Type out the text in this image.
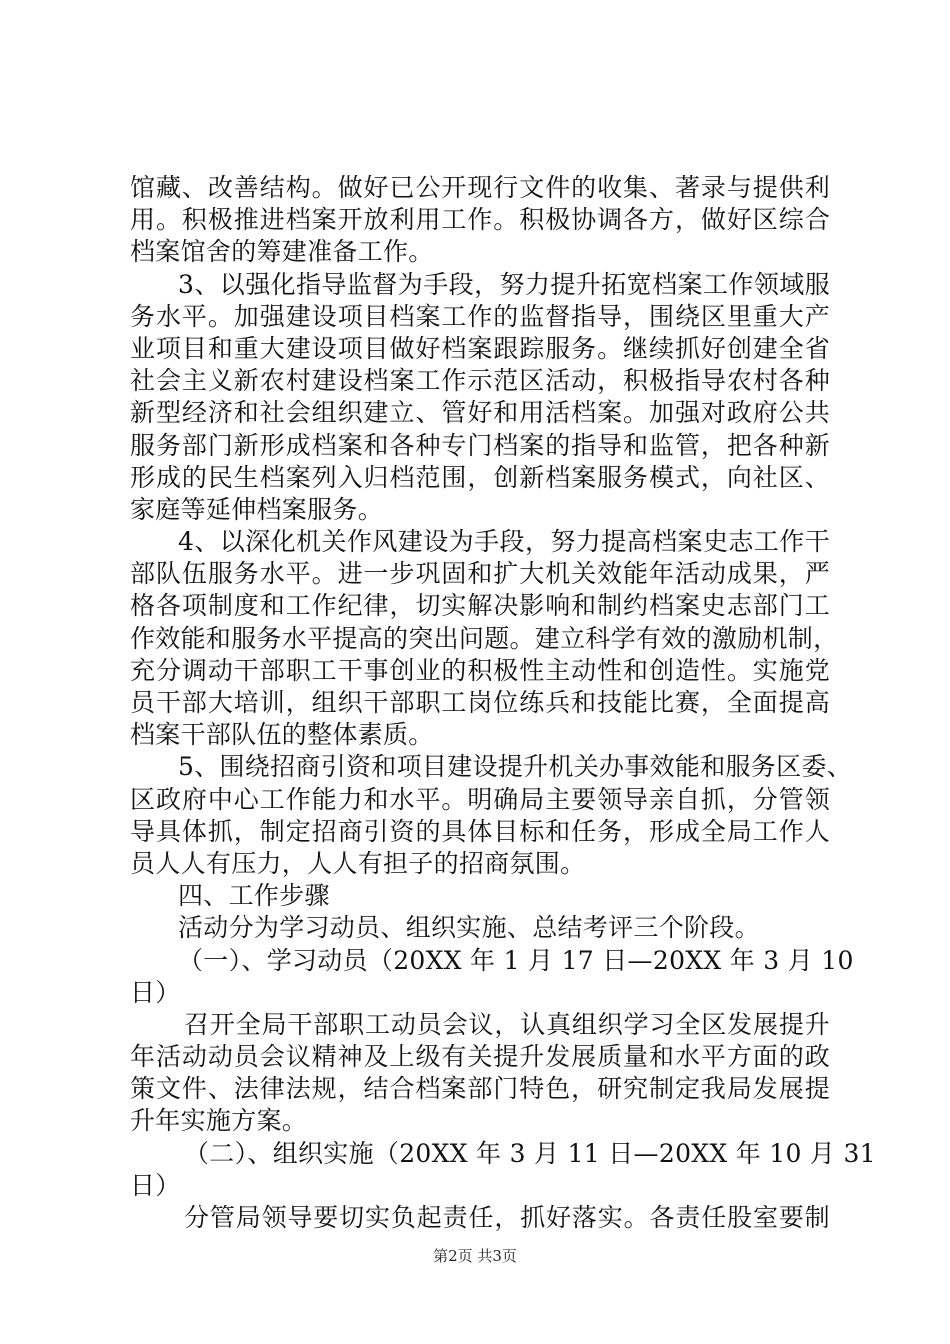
馆藏、改善结构。做好已公开现行文件的收集、著录与提供利
用。积极推进档案开放利用工作。积极协调各方，做好区综合
档案馆舍的筹建准备工作。
3、以强化指导监督为手段，努力提升拓宽档案工作领域服
务水平。加强建设项目档案工作的监督指导，围绕区里重大产
业项目和重大建设项目做好档案跟踪服务。继续抓好创建全省
社会主义新农村建设档案工作示范区活动，积极指导农村各种
新型经济和社会组织建立、管好和用活档案。加强对政府公共
服务部门新形成档案和各种专门档案的指导和监管，把各种新
形成的民生档案列入归档范围，创新档案服务模式，向社区、
家庭等延伸档案服务。
4、以深化机关作风建设为手段，努力提高档案史志工作干
部队伍服务水平。进一步巩固和扩大机关效能年活动成果，严
格各项制度和工作纪律，切实解决影响和制约档案史志部门工
作效能和服务水平提高的突出问题。建立科学有效的激励机制，
充分调动干部职工干事创业的积极性主动性和创造性。实施党
员干部大培训，组织干部职工岗位练兵和技能比赛，全面提高
档案干部队伍的整体素质。
5、围绕招商引资和项目建设提升机关办事效能和服务区委、
区政府中心工作能力和水平。明确局主要领导亲自抓，分管领
导具体抓，制定招商引资的具体目标和任务，形成全局工作人
员人人有压力，人人有担子的招商氛围。
四、工作步骤
活动分为学习动员、组织实施、总结考评三个阶段。
（一）、学习动员（20XX 年 1 月 17 日—20XX 年 3 月 10
日）
召开全局干部职工动员会议，认真组织学习全区发展提升
年活动动员会议精神及上级有关提升发展质量和水平方面的政
策文件、法律法规，结合档案部门特色，研究制定我局发展提
升年实施方案。
（二）、组织实施（20XX 年 3 月 11 日—20XX 年 10 月 31
日）
分管局领导要切实负起责任，抓好落实。各责任股室要制
第2页 共3页
